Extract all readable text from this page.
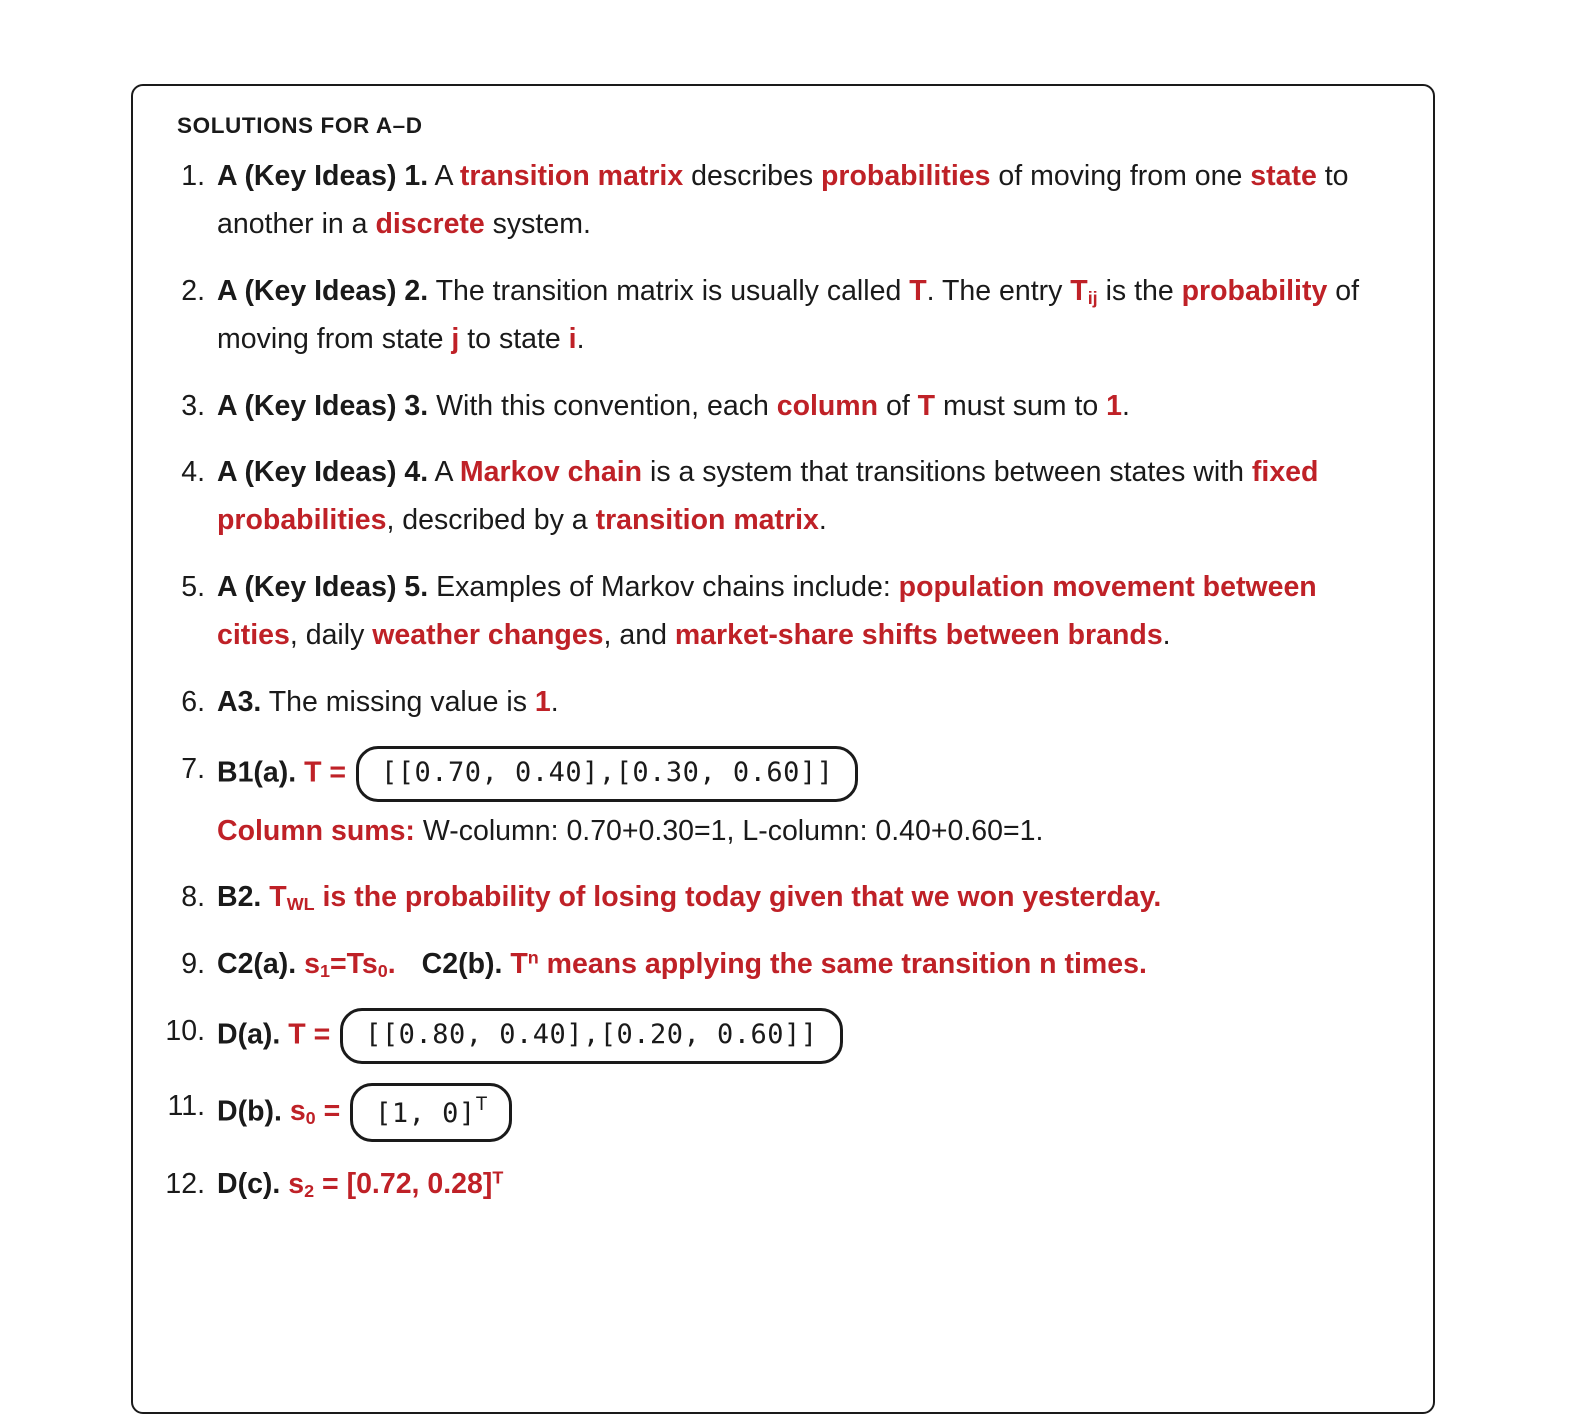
SOLUTIONS FOR A–D
A (Key Ideas) 1. A transition matrix describes probabilities of moving from one state to another in a discrete system.
A (Key Ideas) 2. The transition matrix is usually called T. The entry $T_{ij}$ is the probability of moving from state j to state i.
A (Key Ideas) 3. With this convention, each column of T must sum to 1.
A (Key Ideas) 4. A Markov chain is a system that transitions between states with fixed probabilities, described by a transition matrix.
A (Key Ideas) 5. Examples of Markov chains include: population movement between cities, daily weather changes, and market-share shifts between brands.
A3. The missing value is 1.
B1(a). T = [[0.70, 0.40],[0.30, 0.60]]
Column sums: W-column: 0.70+0.30=1, L-column: 0.40+0.60=1.
B2. $T_{WL}$ is the probability of losing today given that we won yesterday.
C2(a). $s_1=Ts_0$. C2(b). $T^n$ means applying the same transition n times.
D(a). T = [[0.80, 0.40],[0.20, 0.60]]
D(b). $s_0 = [1$, 0]$^T$
D(c). $s_2 = [0.72$, 0.28]$^T$
